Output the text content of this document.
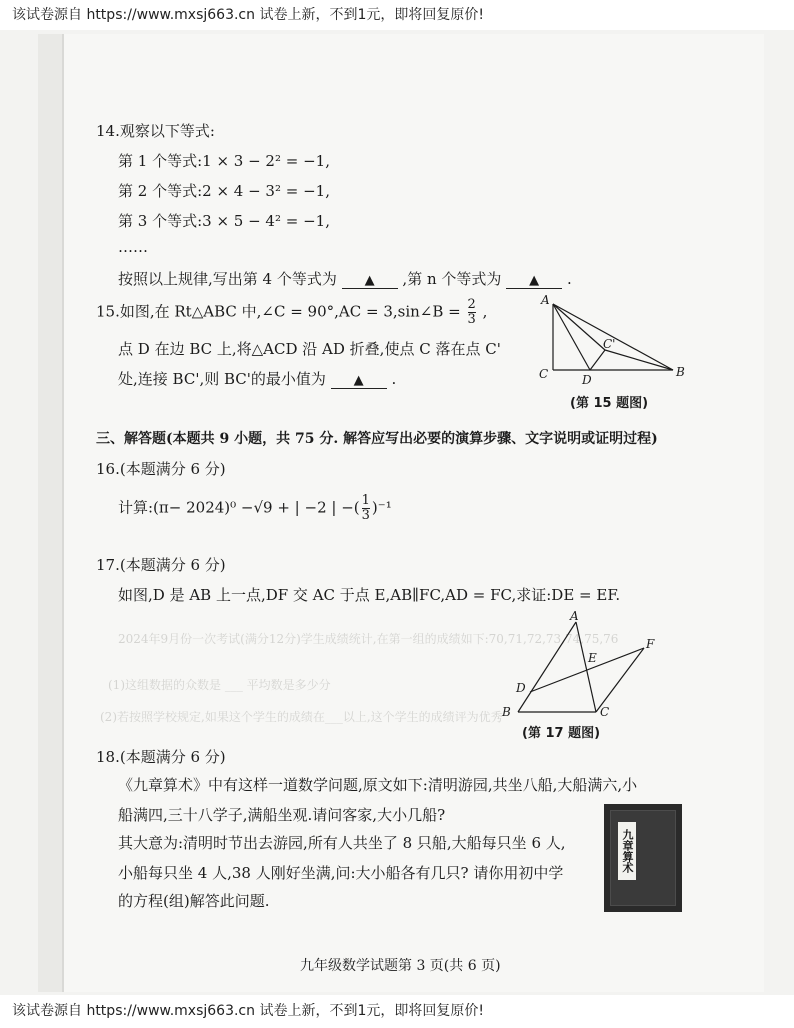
该试卷源自 https://www.mxsj663.cn 试卷上新，不到1元，即将回复原价!
2024年9月份一次考试(满分12分)学生成绩统计,在第一组的成绩如下:70,71,72,73,74,75,76
(1)这组数据的众数是 ___ 平均数是多少分
(2)若按照学校规定,如果这个学生的成绩在___以上,这个学生的成绩评为优秀
14.观察以下等式:
第 1 个等式:1 × 3 − 2² = −1,
第 2 个等式:2 × 4 − 3² = −1,
第 3 个等式:3 × 5 − 4² = −1,
……
按照以上规律,写出第 4 个等式为 ▲ ,第 n 个等式为 ▲ .
15.如图,在 Rt△ABC 中,∠C = 90°,AC = 3,sin∠B = $\frac{2}{3}$ ,
点 D 在边 BC 上,将△ACD 沿 AD 折叠,使点 C 落在点 C'
处,连接 BC',则 BC'的最小值为 ▲ .
A
C	B
D
C'
(第 15 题图)
三、解答题(本题共 9 小题，共 75 分. 解答应写出必要的演算步骤、文字说明或证明过程)
16.(本题满分 6 分)
计算:(π− 2024)⁰ −√9 + | −2 | −( $\frac{1}{3} )^{-1}$
17.(本题满分 6 分)
如图,D 是 AB 上一点,DF 交 AC 于点 E,AB∥FC,AD = FC,求证:DE = EF.
A
B	C
D
E
F
(第 17 题图)
18.(本题满分 6 分)
《九章算术》中有这样一道数学问题,原文如下:清明游园,共坐八船,大船满六,小
船满四,三十八学子,满船坐观.请问客家,大小几船?
其大意为:清明时节出去游园,所有人共坐了 8 只船,大船每只坐 6 人,
小船每只坐 4 人,38 人刚好坐满,问:大小船各有几只? 请你用初中学
的方程(组)解答此问题.
九章算术
九年级数学试题第 3 页(共 6 页)
该试卷源自 https://www.mxsj663.cn 试卷上新，不到1元，即将回复原价!
